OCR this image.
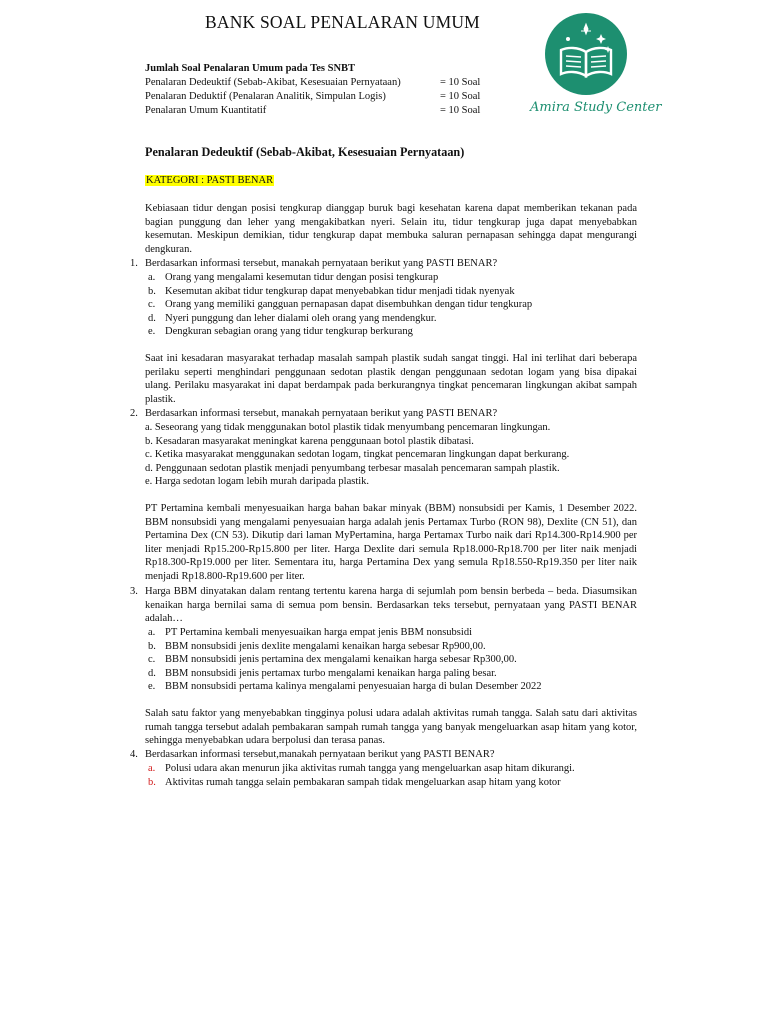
BANK SOAL PENALARAN UMUM
Amira Study Center
Jumlah Soal Penalaran Umum pada Tes SNBT
Penalaran Dedeuktif (Sebab-Akibat, Kesesuaian Pernyataan)	= 10 Soal
Penalaran Deduktif (Penalaran Analitik, Simpulan Logis)	= 10 Soal
Penalaran Umum Kuantitatif	= 10 Soal
Penalaran Dedeuktif (Sebab-Akibat, Kesesuaian Pernyataan)
KATEGORI : PASTI BENAR
Kebiasaan tidur dengan posisi tengkurap dianggap buruk bagi kesehatan karena dapat memberikan tekanan pada bagian punggung dan leher yang mengakibatkan nyeri. Selain itu, tidur tengkurap juga dapat menyebabkan kesemutan. Meskipun demikian, tidur tengkurap dapat membuka saluran pernapasan sehingga dapat mengurangi dengkuran.
1. Berdasarkan informasi tersebut, manakah pernyataan berikut yang PASTI BENAR?
a. Orang yang mengalami kesemutan tidur dengan posisi tengkurap
b. Kesemutan akibat tidur tengkurap dapat menyebabkan tidur menjadi tidak nyenyak
c. Orang yang memiliki gangguan pernapasan dapat disembuhkan dengan tidur tengkurap
d. Nyeri punggung dan leher dialami oleh orang yang mendengkur.
e. Dengkuran sebagian orang yang tidur tengkurap berkurang
Saat ini kesadaran masyarakat terhadap masalah sampah plastik sudah sangat tinggi. Hal ini terlihat dari beberapa perilaku seperti menghindari penggunaan sedotan plastik dengan penggunaan sedotan logam yang bisa dipakai ulang. Perilaku masyarakat ini dapat berdampak pada berkurangnya tingkat pencemaran lingkungan akibat sampah plastik.
2. Berdasarkan informasi tersebut, manakah pernyataan berikut yang PASTI BENAR?
a. Seseorang yang tidak menggunakan botol plastik tidak menyumbang pencemaran lingkungan.
b. Kesadaran masyarakat meningkat karena penggunaan botol plastik dibatasi.
c. Ketika masyarakat menggunakan sedotan logam, tingkat pencemaran lingkungan dapat berkurang.
d. Penggunaan sedotan plastik menjadi penyumbang terbesar masalah pencemaran sampah plastik.
e. Harga sedotan logam lebih murah daripada plastik.
PT Pertamina kembali menyesuaikan harga bahan bakar minyak (BBM) nonsubsidi per Kamis, 1 Desember 2022. BBM nonsubsidi yang mengalami penyesuaian harga adalah jenis Pertamax Turbo (RON 98), Dexlite (CN 51), dan Pertamina Dex (CN 53). Dikutip dari laman MyPertamina, harga Pertamax Turbo naik dari Rp14.300-Rp14.900 per liter menjadi Rp15.200-Rp15.800 per liter. Harga Dexlite dari semula Rp18.000-Rp18.700 per liter naik menjadi Rp18.300-Rp19.000 per liter. Sementara itu, harga Pertamina Dex yang semula Rp18.550-Rp19.350 per liter naik menjadi Rp18.800-Rp19.600 per liter.
3. Harga BBM dinyatakan dalam rentang tertentu karena harga di sejumlah pom bensin berbeda – beda. Diasumsikan kenaikan harga bernilai sama di semua pom bensin. Berdasarkan teks tersebut, pernyataan yang PASTI BENAR adalah…
a. PT Pertamina kembali menyesuaikan harga empat jenis BBM nonsubsidi
b. BBM nonsubsidi jenis dexlite mengalami kenaikan harga sebesar Rp900,00.
c. BBM nonsubsidi jenis pertamina dex mengalami kenaikan harga sebesar Rp300,00.
d. BBM nonsubsidi jenis pertamax turbo mengalami kenaikan harga paling besar.
e. BBM nonsubsidi pertama kalinya mengalami penyesuaian harga di bulan Desember 2022
Salah satu faktor yang menyebabkan tingginya polusi udara adalah aktivitas rumah tangga. Salah satu dari aktivitas rumah tangga tersebut adalah pembakaran sampah rumah tangga yang banyak mengeluarkan asap hitam yang kotor, sehingga menyebabkan udara berpolusi dan terasa panas.
4. Berdasarkan informasi tersebut,manakah pernyataan berikut yang PASTI BENAR?
a. Polusi udara akan menurun jika aktivitas rumah tangga yang mengeluarkan asap hitam dikurangi.
b. Aktivitas rumah tangga selain pembakaran sampah tidak mengeluarkan asap hitam yang kotor
